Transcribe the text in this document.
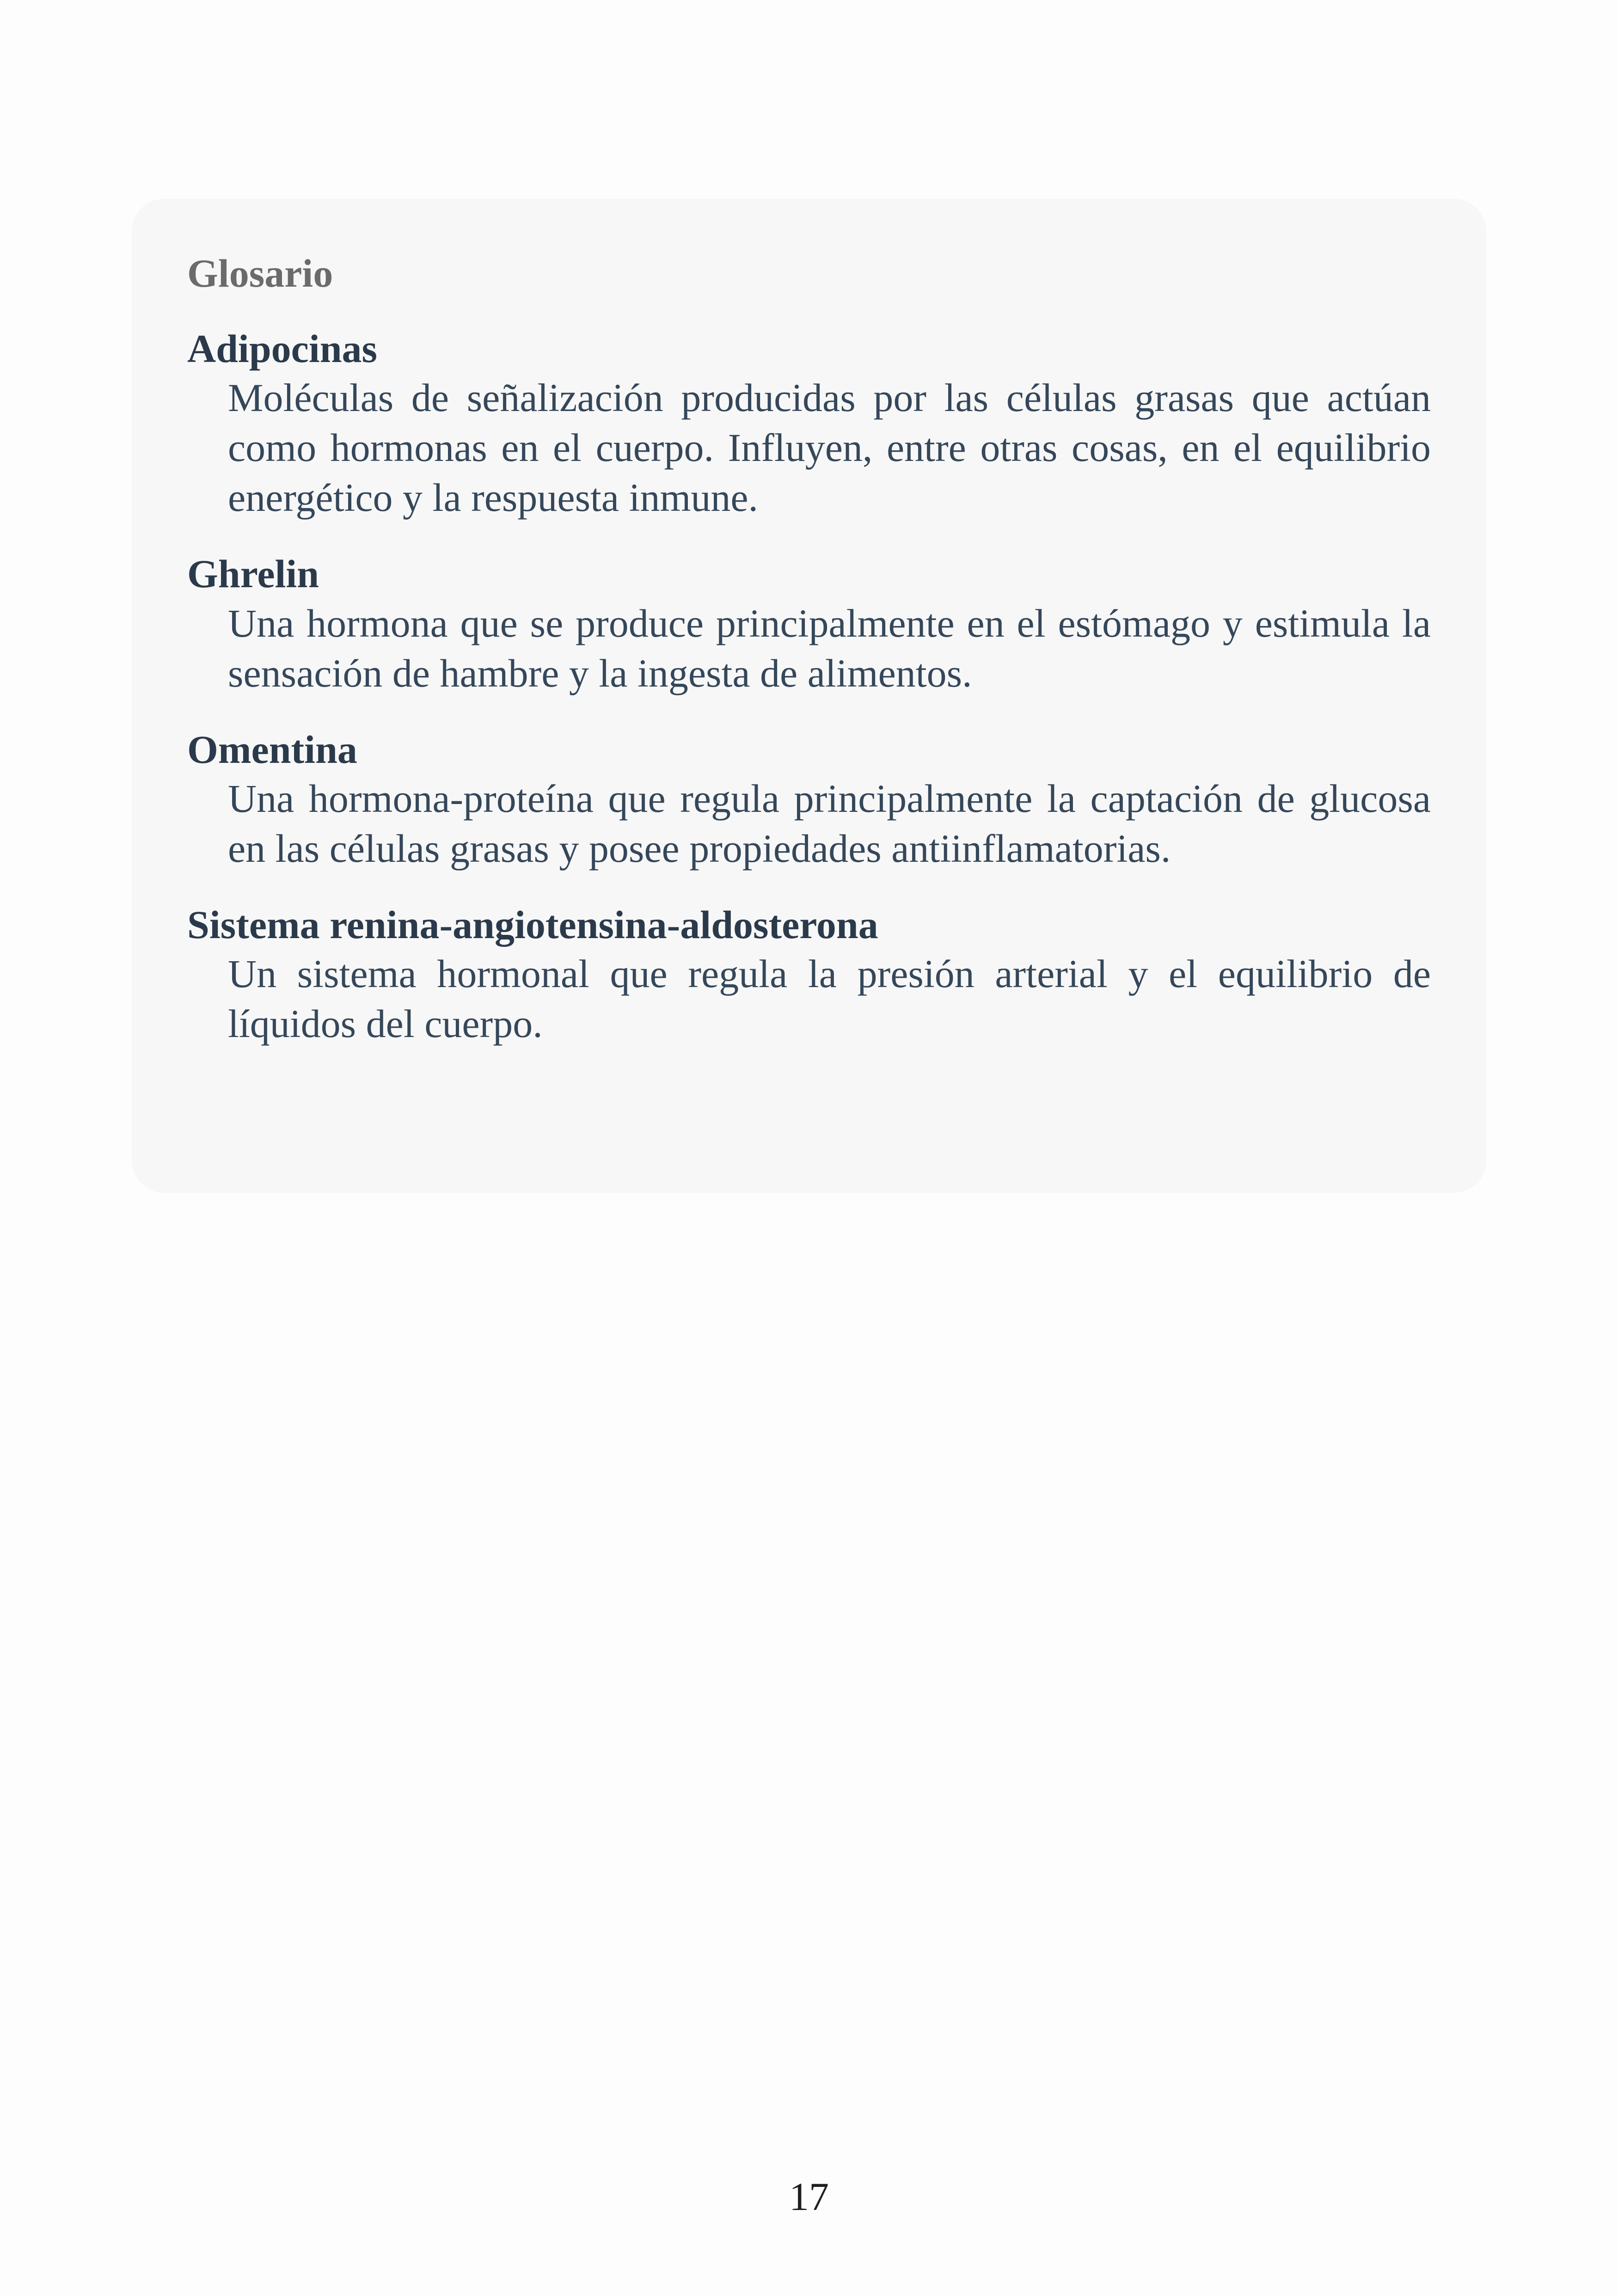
Glosario
Adipocinas
Moléculas de señalización producidas por las células grasas que actúan como hormonas en el cuerpo. Influyen, entre otras cosas, en el equilibrio energético y la respuesta inmune.
Ghrelin
Una hormona que se produce principalmente en el estómago y estimula la sensación de hambre y la ingesta de alimentos.
Omentina
Una hormona-proteína que regula principalmente la captación de glucosa en las células grasas y posee propiedades antiinflamatorias.
Sistema renina-angiotensina-aldosterona
Un sistema hormonal que regula la presión arterial y el equilibrio de líquidos del cuerpo.
17
